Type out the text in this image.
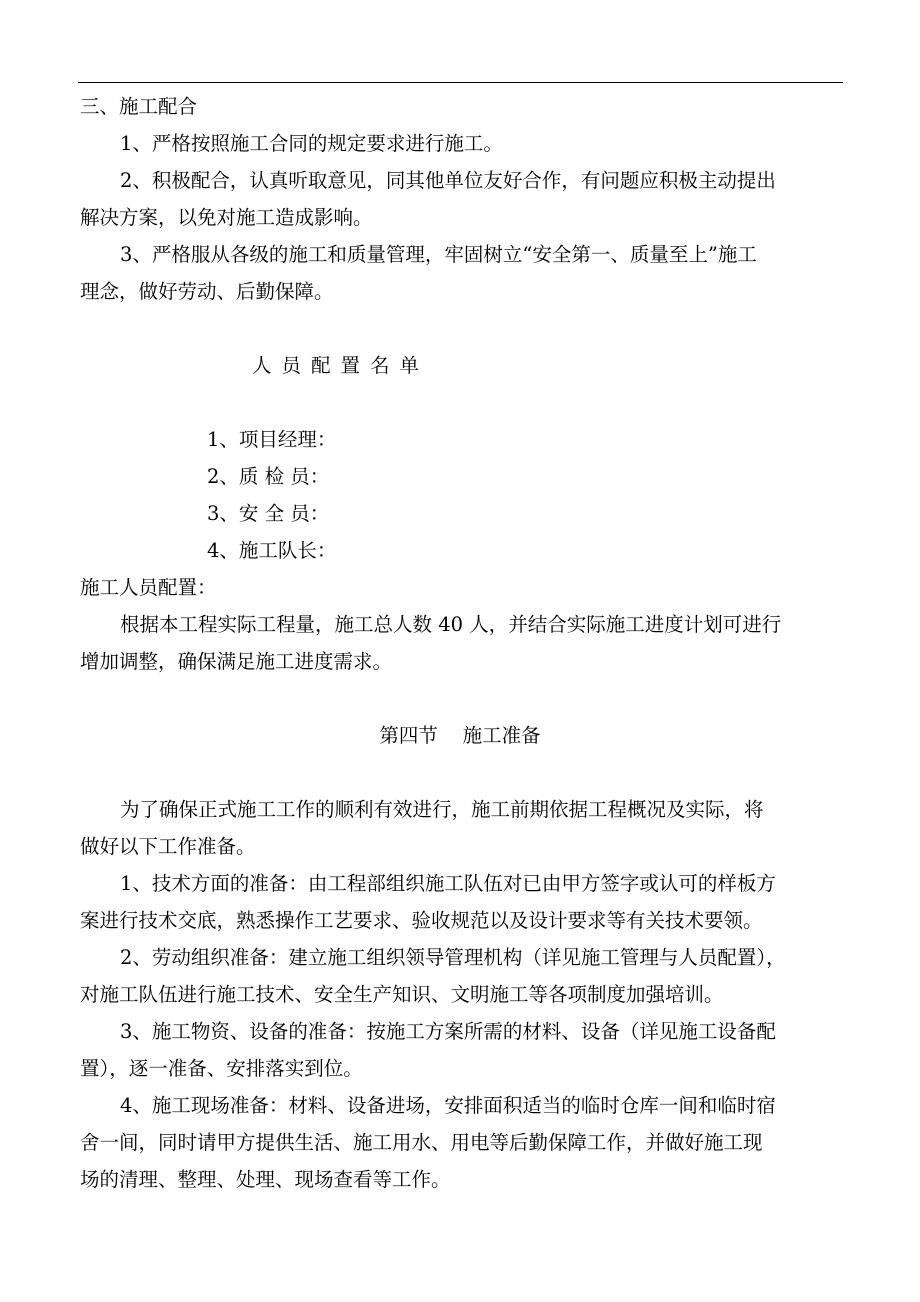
三、施工配合
1、严格按照施工合同的规定要求进行施工。
2、积极配合，认真听取意见，同其他单位友好合作，有问题应积极主动提出
解决方案，以免对施工造成影响。
3、严格服从各级的施工和质量管理，牢固树立“安全第一、质量至上”施工
理念，做好劳动、后勤保障。
人员配置名单
1、项目经理：
2、质 检 员：
3、安 全 员：
4、施工队长：
施工人员配置：
根据本工程实际工程量，施工总人数 40 人，并结合实际施工进度计划可进行
增加调整，确保满足施工进度需求。
第四节    施工准备
为了确保正式施工工作的顺利有效进行，施工前期依据工程概况及实际，将
做好以下工作准备。
1、技术方面的准备：由工程部组织施工队伍对已由甲方签字或认可的样板方
案进行技术交底，熟悉操作工艺要求、验收规范以及设计要求等有关技术要领。
2、劳动组织准备：建立施工组织领导管理机构（详见施工管理与人员配置），
对施工队伍进行施工技术、安全生产知识、文明施工等各项制度加强培训。
3、施工物资、设备的准备：按施工方案所需的材料、设备（详见施工设备配
置），逐一准备、安排落实到位。
4、施工现场准备：材料、设备进场，安排面积适当的临时仓库一间和临时宿
舍一间，同时请甲方提供生活、施工用水、用电等后勤保障工作，并做好施工现
场的清理、整理、处理、现场查看等工作。
